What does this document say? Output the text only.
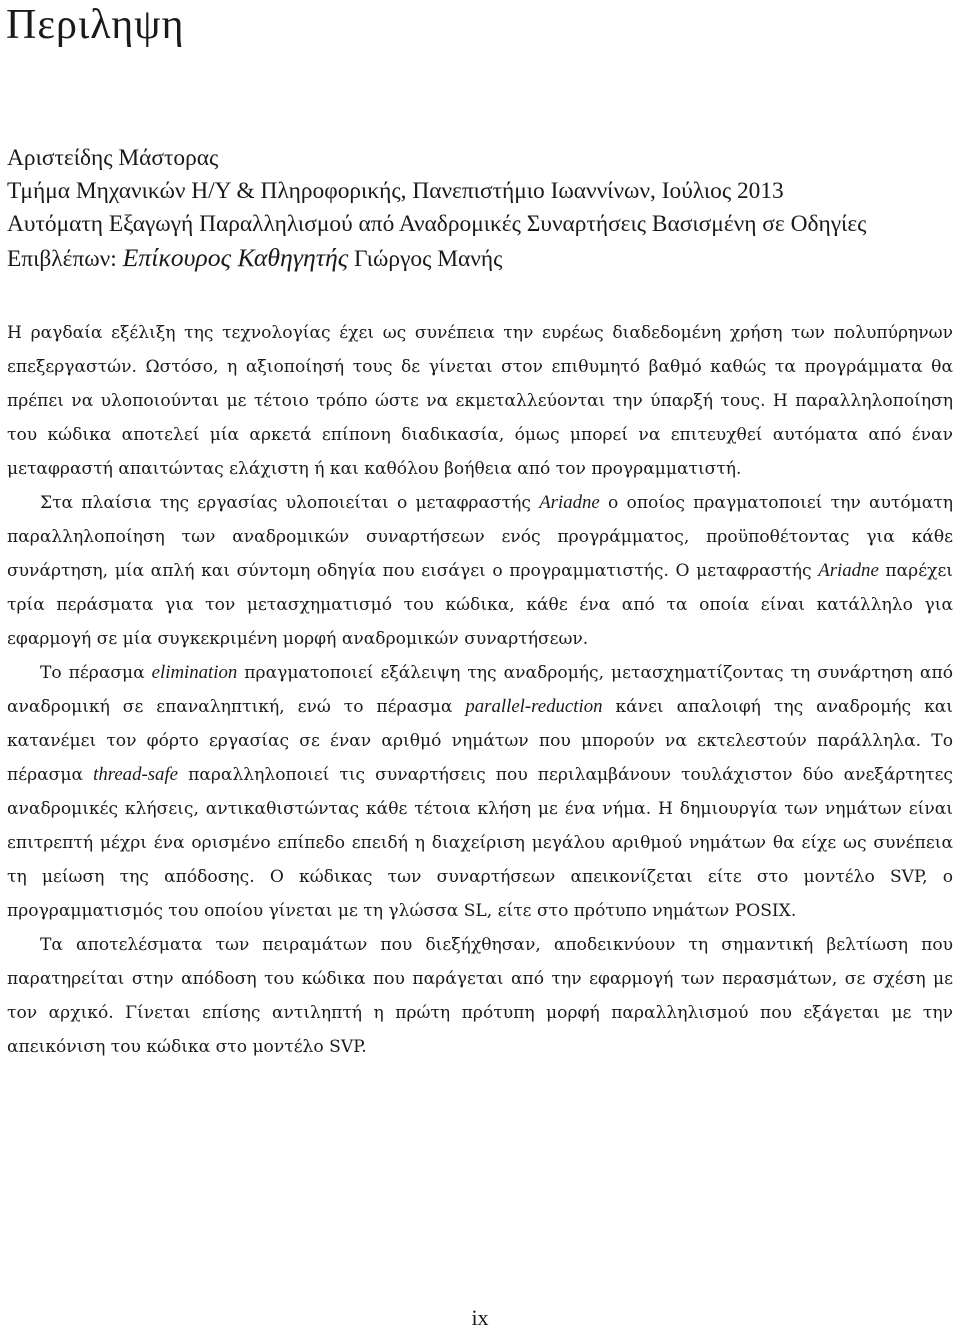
Περιληψη
Αριστείδης Μάστορας
Τμήμα Μηχανικών Η/Υ & Πληροφορικής, Πανεπιστήμιο Ιωαννίνων, Ιούλιος 2013
Αυτόματη Εξαγωγή Παραλληλισμού από Αναδρομικές Συναρτήσεις Βασισμένη σε Οδηγίες
Επιβλέπων: Επίκουρος Καθηγητής Γιώργος Μανής

Η ραγδαία εξέλιξη της τεχνολογίας έχει ως συνέπεια την ευρέως διαδεδομένη χρήση των πολυπύρηνων επεξεργαστών. Ωστόσο, η αξιοποίησή τους δε γίνεται στον επιθυμητό βαθμό καθώς τα προγράμματα θα πρέπει να υλοποιούνται με τέτοιο τρόπο ώστε να εκμεταλλεύονται την ύπαρξή τους. Η παραλληλοποίηση του κώδικα αποτελεί μία αρκετά επίπονη διαδικασία, όμως μπορεί να επιτευχθεί αυτόματα από έναν μεταφραστή απαιτώντας ελάχιστη ή και καθόλου βοήθεια από τον προγραμματιστή.

Στα πλαίσια της εργασίας υλοποιείται ο μεταφραστής Ariadne ο οποίος πραγματοποιεί την αυτόματη παραλληλοποίηση των αναδρομικών συναρτήσεων ενός προγράμματος, προϋποθέτοντας για κάθε συνάρτηση, μία απλή και σύντομη οδηγία που εισάγει ο προγραμματιστής. Ο μεταφραστής Ariadne παρέχει τρία περάσματα για τον μετασχηματισμό του κώδικα, κάθε ένα από τα οποία είναι κατάλληλο για εφαρμογή σε μία συγκεκριμένη μορφή αναδρομικών συναρτήσεων.

Το πέρασμα elimination πραγματοποιεί εξάλειψη της αναδρομής, μετασχηματίζοντας τη συνάρτηση από αναδρομική σε επαναληπτική, ενώ το πέρασμα parallel-reduction κάνει απαλοιφή της αναδρομής και κατανέμει τον φόρτο εργασίας σε έναν αριθμό νημάτων που μπορούν να εκτελεστούν παράλληλα. Το πέρασμα thread-safe παραλληλοποιεί τις συναρτήσεις που περιλαμβάνουν τουλάχιστον δύο ανεξάρτητες αναδρομικές κλήσεις, αντικαθιστώντας κάθε τέτοια κλήση με ένα νήμα. Η δημιουργία των νημάτων είναι επιτρεπτή μέχρι ένα ορισμένο επίπεδο επειδή η διαχείριση μεγάλου αριθμού νημάτων θα είχε ως συνέπεια τη μείωση της απόδοσης. Ο κώδικας των συναρτήσεων απεικονίζεται είτε στο μοντέλο SVP, ο προγραμματισμός του οποίου γίνεται με τη γλώσσα SL, είτε στο πρότυπο νημάτων POSIX.

Τα αποτελέσματα των πειραμάτων που διεξήχθησαν, αποδεικνύουν τη σημαντική βελτίωση που παρατηρείται στην απόδοση του κώδικα που παράγεται από την εφαρμογή των περασμάτων, σε σχέση με τον αρχικό. Γίνεται επίσης αντιληπτή η πρώτη πρότυπη μορφή παραλληλισμού που εξάγεται με την απεικόνιση του κώδικα στο μοντέλο SVP.

ix
